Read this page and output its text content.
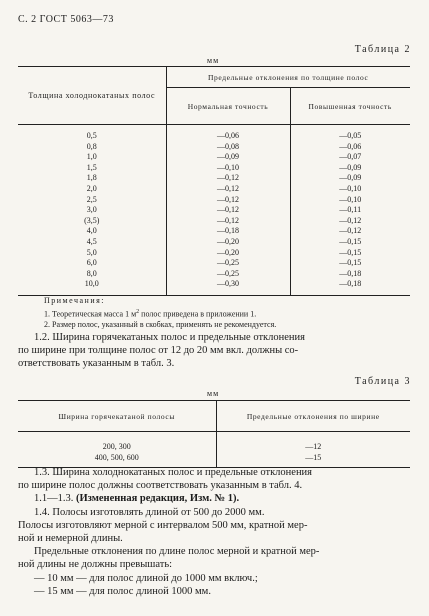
С. 2 ГОСТ 5063—73
Таблица 2
мм
Толщина холоднокатаных полос	Предельные отклонения по толщине полос	
	Нормальная точность	Повышенная точность
0,5	—0,06	—0,05
0,8	—0,08	—0,06
1,0	—0,09	—0,07
1,5	—0,10	—0,09
1,8	—0,12	—0,09
2,0	—0,12	—0,10
2,5	—0,12	—0,10
3,0	—0,12	—0,11
(3,5)	—0,12	—0,12
4,0	—0,18	—0,12
4,5	—0,20	—0,15
5,0	—0,20	—0,15
6,0	—0,25	—0,15
8,0	—0,25	—0,18
10,0	—0,30	—0,18
Примечания:
1. Теоретическая масса 1 $м^2$ полос приведена в приложении 1.
2. Размер полос, указанный в скобках, применять не рекомендуется.
1.2. Ширина горячекатаных полос и предельные отклонения
по ширине при толщине полос от 12 до 20 мм вкл. должны со-
ответствовать указанным в табл. 3.
Таблица 3
мм
Ширина горячекатаной полосы	Предельные отклонения по ширине
200, 300	—12
400, 500, 600	—15
1.3. Ширина холоднокатаных полос и предельные отклонения
по ширине полос должны соответствовать указанным в табл. 4.
1.1—1.3. (Измененная редакция, Изм. № 1).
1.4. Полосы изготовлять длиной от 500 до 2000 мм.
Полосы изготовляют мерной с интервалом 500 мм, кратной мер-
ной и немерной длины.
Предельные отклонения по длине полос мерной и кратной мер-
ной длины не должны превышать:
— 10 мм — для полос длиной до 1000 мм включ.;
— 15 мм — для полос длиной 1000 мм.
